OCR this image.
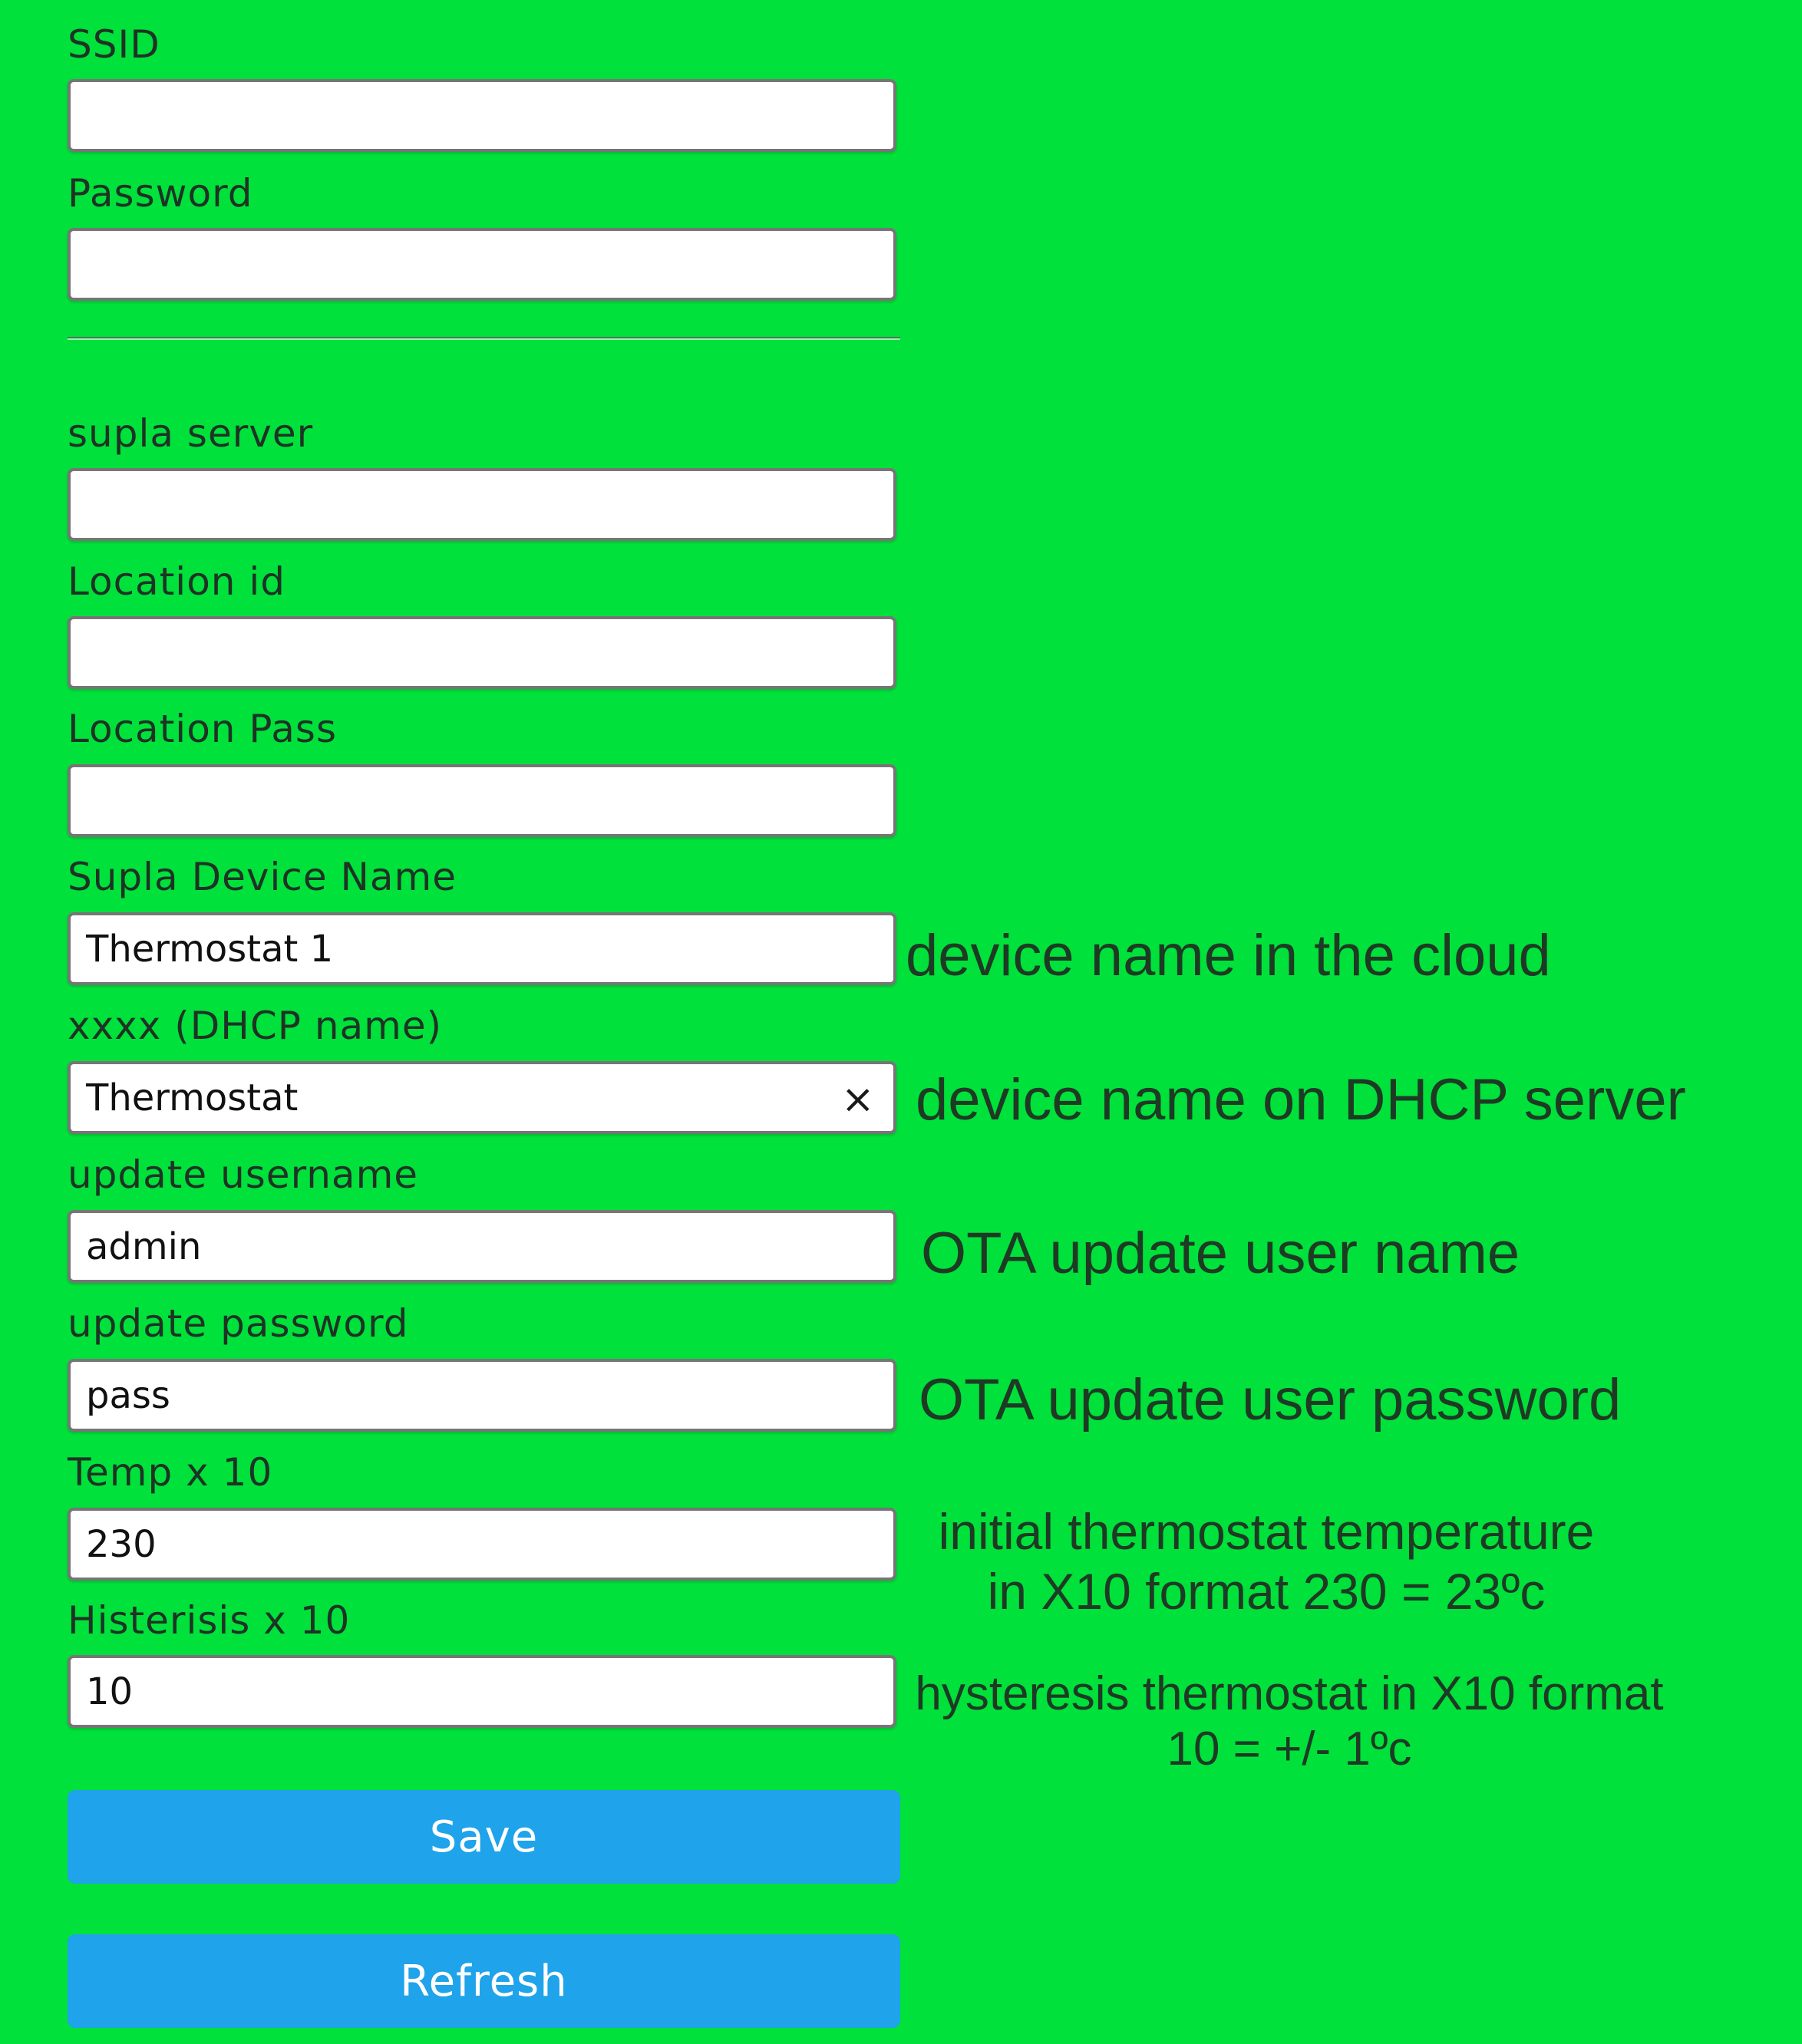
SSID
Password
supla server
Location id
Location Pass
Supla Device Name
Thermostat 1
device name in the cloud
xxxx (DHCP name)
Thermostat
× device name on DHCP server
update username
admin
OTA update user name
update password
pass
OTA update user password
Temp x 10
230
initial thermostat temperature
in X10 format 230 = 23ºc
Histerisis x 10
10
hysteresis thermostat in X10 format
10 = +/- 1ºc
Save
Refresh
